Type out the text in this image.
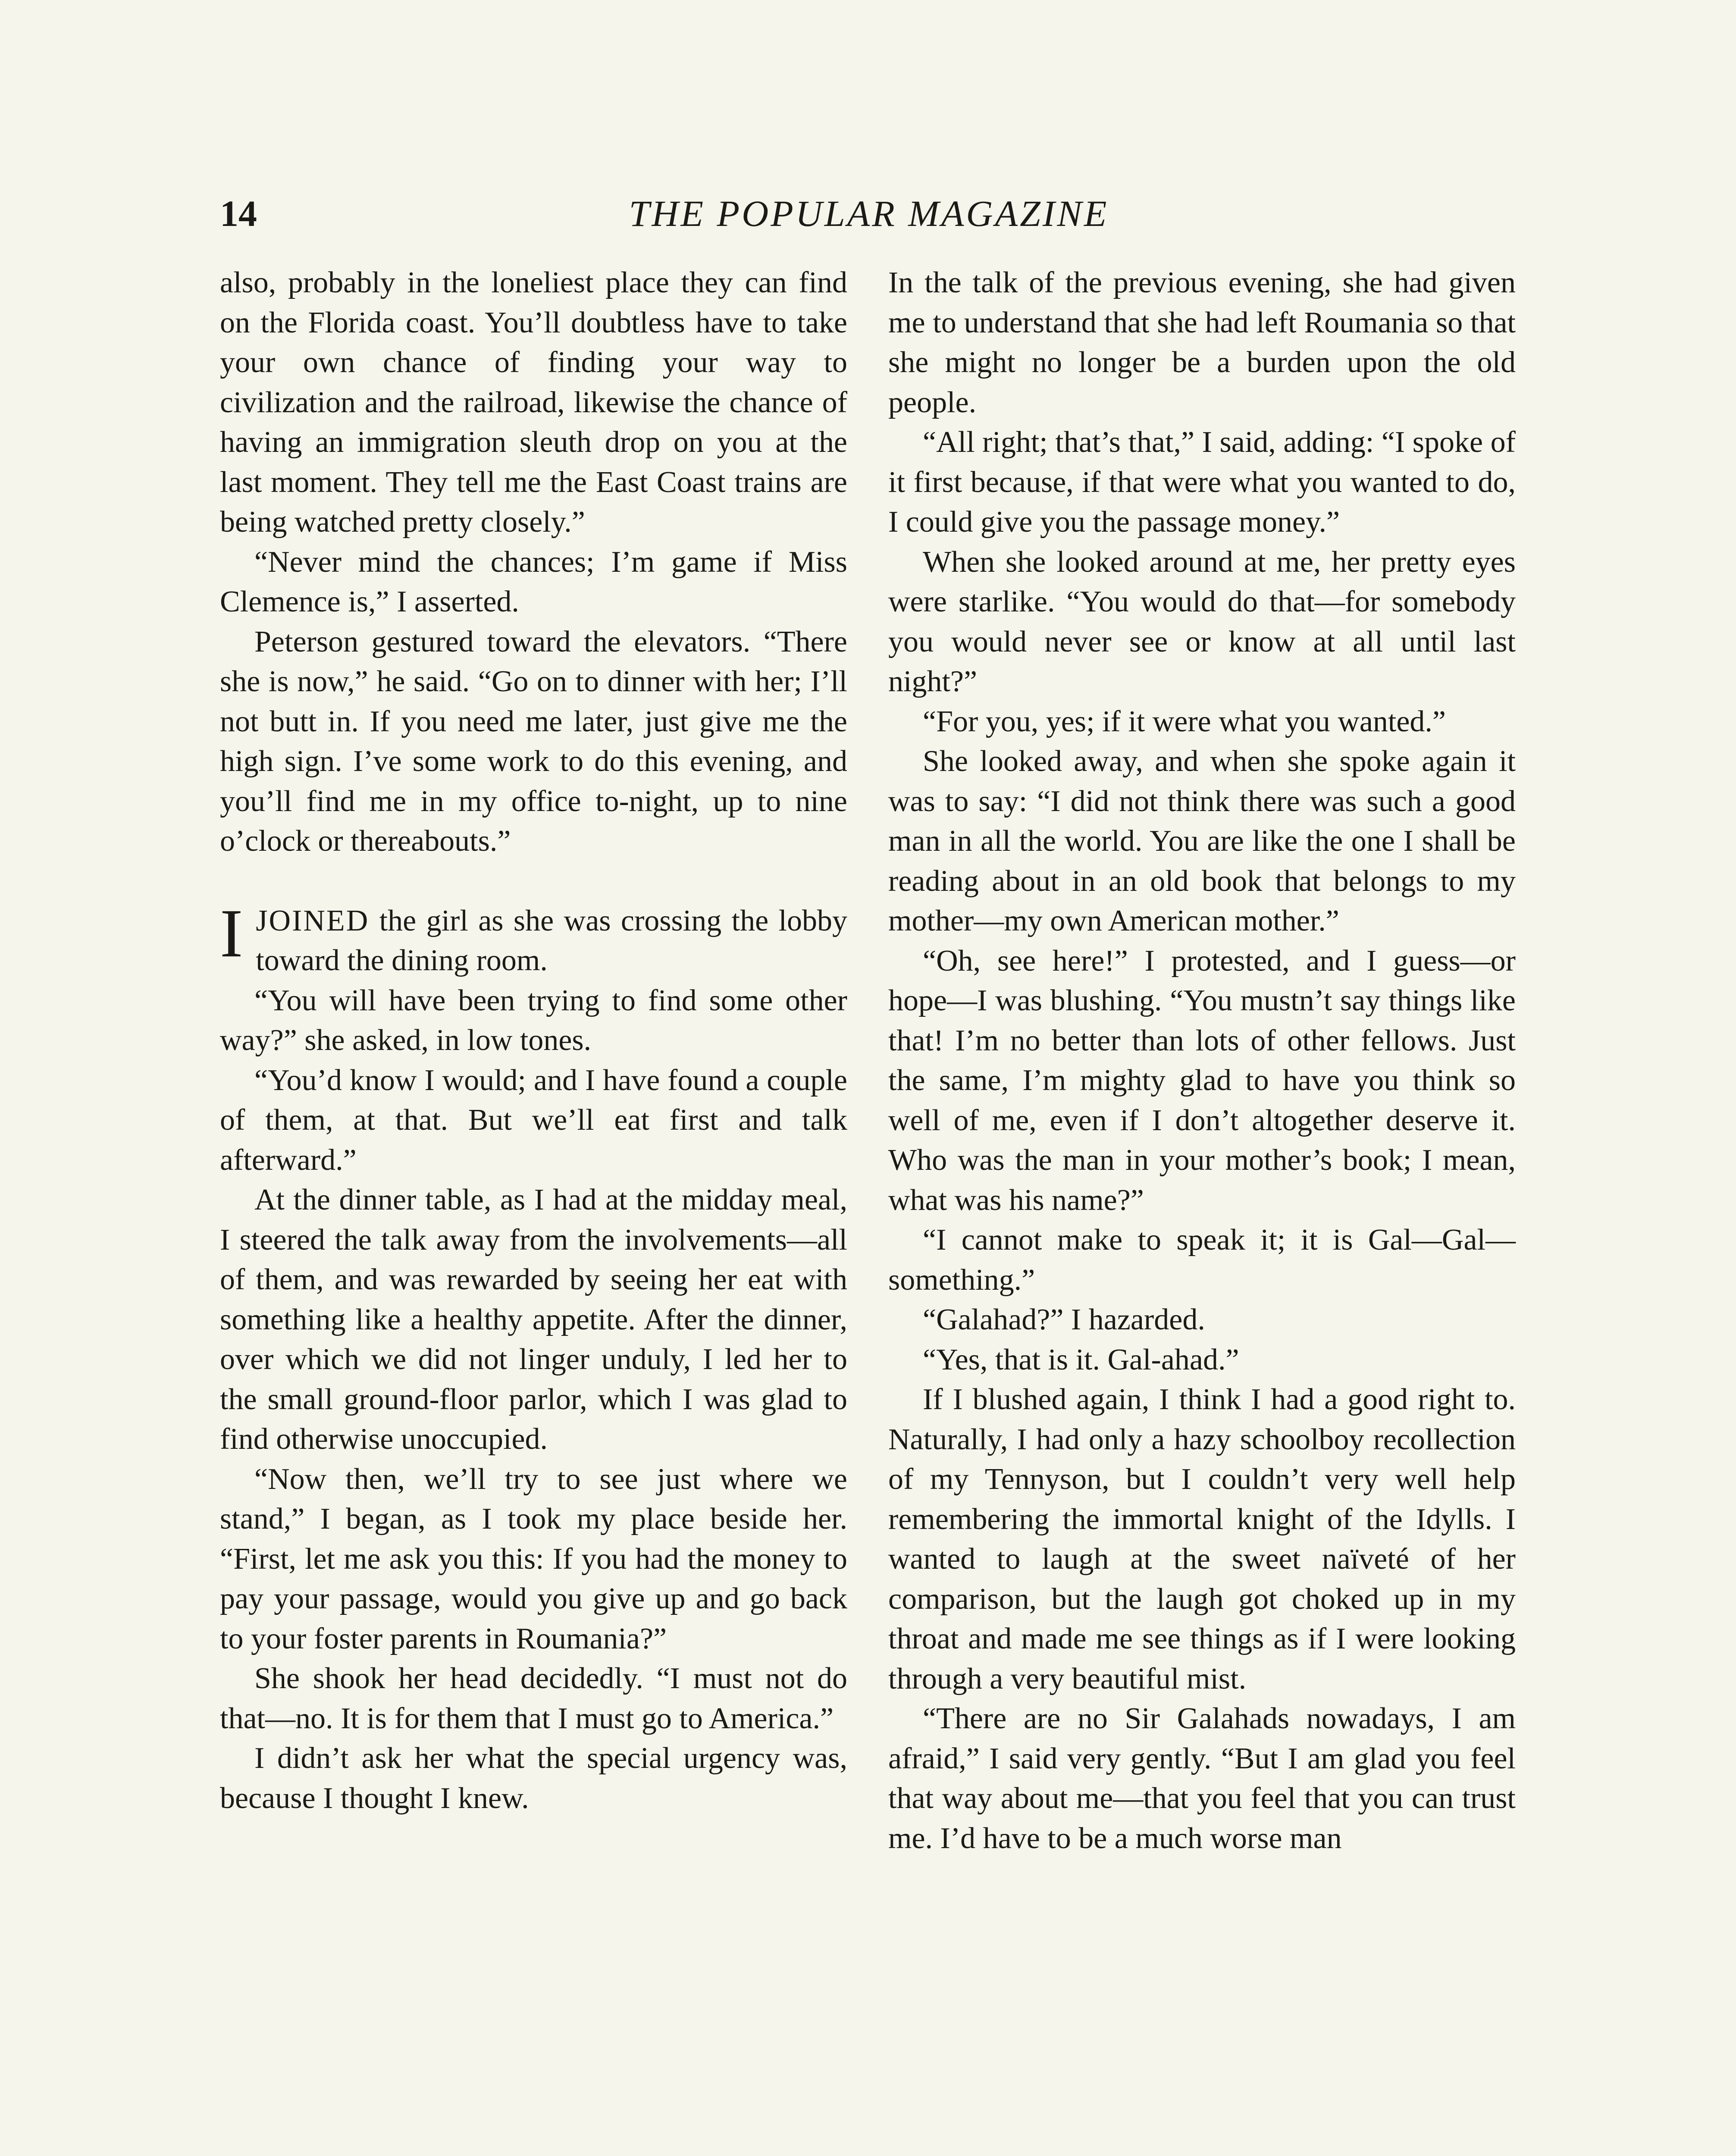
THE POPULAR MAGAZINE
14

also, probably in the loneliest place they can find on the Florida coast. You’ll doubtless have to take your own chance of finding your way to civilization and the railroad, likewise the chance of having an immigration sleuth drop on you at the last moment. They tell me the East Coast trains are being watched pretty closely.”

“Never mind the chances; I’m game if Miss Clemence is,” I asserted.

Peterson gestured toward the elevators. “There she is now,” he said. “Go on to dinner with her; I’ll not butt in. If you need me later, just give me the high sign. I’ve some work to do this evening, and you’ll find me in my office to-night, up to nine o’clock or thereabouts.”

IJOINED the girl as she was crossing the lobby toward the dining room.

“You will have been trying to find some other way?” she asked, in low tones.

“You’d know I would; and I have found a couple of them, at that. But we’ll eat first and talk afterward.”

At the dinner table, as I had at the midday meal, I steered the talk away from the involvements—all of them, and was rewarded by seeing her eat with something like a healthy appetite. After the dinner, over which we did not linger unduly, I led her to the small ground-floor parlor, which I was glad to find otherwise unoccupied.

“Now then, we’ll try to see just where we stand,” I began, as I took my place beside her. “First, let me ask you this: If you had the money to pay your passage, would you give up and go back to your foster parents in Roumania?”

She shook her head decidedly. “I must not do that—no. It is for them that I must go to America.”

I didn’t ask her what the special urgency was, because I thought I knew.

In the talk of the previous evening, she had given me to understand that she had left Roumania so that she might no longer be a burden upon the old people.

“All right; that’s that,” I said, adding: “I spoke of it first because, if that were what you wanted to do, I could give you the passage money.”

When she looked around at me, her pretty eyes were starlike. “You would do that—for somebody you would never see or know at all until last night?”

“For you, yes; if it were what you wanted.”

She looked away, and when she spoke again it was to say: “I did not think there was such a good man in all the world. You are like the one I shall be reading about in an old book that belongs to my mother—my own American mother.”

“Oh, see here!” I protested, and I guess—or hope—I was blushing. “You mustn’t say things like that! I’m no better than lots of other fellows. Just the same, I’m mighty glad to have you think so well of me, even if I don’t altogether deserve it. Who was the man in your mother’s book; I mean, what was his name?”

“I cannot make to speak it; it is Gal—Gal—something.”

“Galahad?” I hazarded.

“Yes, that is it. Gal-ahad.”

If I blushed again, I think I had a good right to. Naturally, I had only a hazy schoolboy recollection of my Tennyson, but I couldn’t very well help remembering the immortal knight of the Idylls. I wanted to laugh at the sweet naïveté of her comparison, but the laugh got choked up in my throat and made me see things as if I were looking through a very beautiful mist.

“There are no Sir Galahads nowadays, I am afraid,” I said very gently. “But I am glad you feel that way about me—that you feel that you can trust me. I’d have to be a much worse man
